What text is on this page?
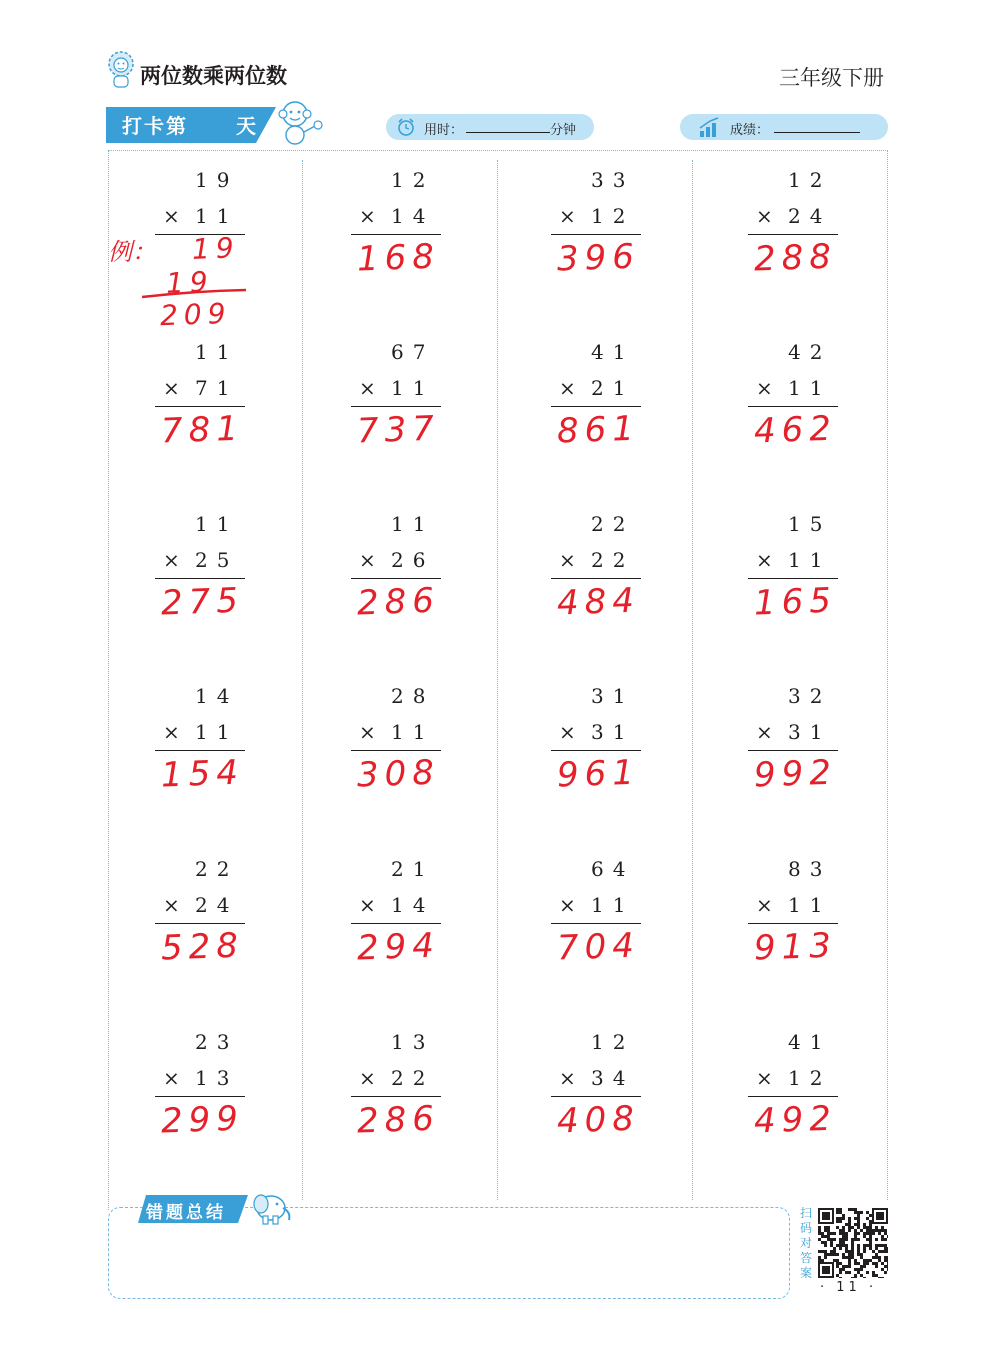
两位数乘两位数	三年级下册
打卡第 天	用时：	分钟	成绩：
19
× 11
12
× 14
168
33
× 12
396
12
× 24
288
11
× 71
781
67
× 11
737
41
× 21
861
42
× 11
462
11
× 25
275
11
× 26
286
22
× 22
484
15
× 11
165
14
× 11
154
28
× 11
308
31
× 31
961
32
× 31
992
22
× 24
528
21
× 14
294
64
× 11
704
83
× 11
913
23
× 13
299
13
× 22
286
12
× 34
408
41
× 12
492
例： 19
19
209
错题总结	扫码对答案
· 11 ·
